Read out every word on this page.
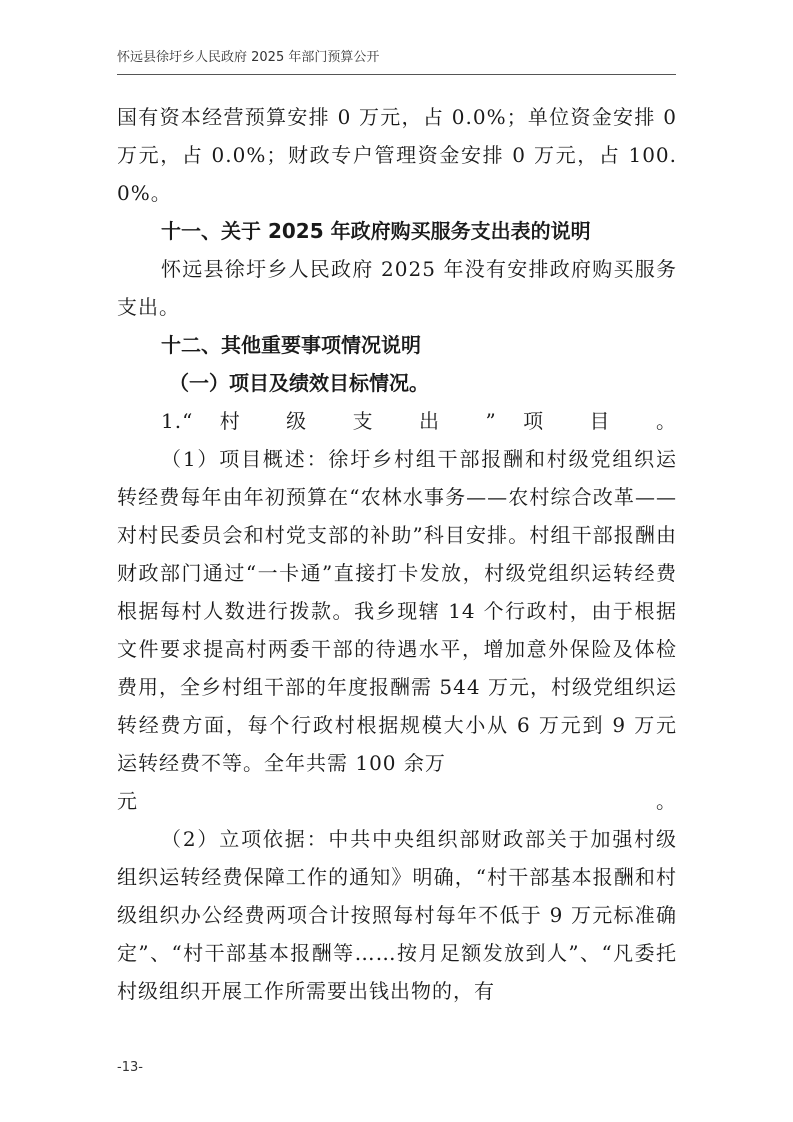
怀远县徐圩乡人民政府 2025 年部门预算公开

国有资本经营预算安排 0 万元，占 0.0%；单位资金安排 0 万元，占 0.0%；财政专户管理资金安排 0 万元，占 100.0%。

十一、关于 2025 年政府购买服务支出表的说明

怀远县徐圩乡人民政府 2025 年没有安排政府购买服务支出。

十二、其他重要事项情况说明

（一）项目及绩效目标情况。

1.“ 村 级 支 出 ” 项 目 。

（1）项目概述：徐圩乡村组干部报酬和村级党组织运转经费每年由年初预算在“农林水事务——农村综合改革——对村民委员会和村党支部的补助”科目安排。村组干部报酬由财政部门通过“一卡通”直接打卡发放，村级党组织运转经费根据每村人数进行拨款。我乡现辖 14 个行政村，由于根据文件要求提高村两委干部的待遇水平，增加意外保险及体检费用，全乡村组干部的年度报酬需 544 万元，村级党组织运转经费方面，每个行政村根据规模大小从 6 万元到 9 万元运转经费不等。全年共需 100 余万

元 。

（2）立项依据：中共中央组织部财政部关于加强村级组织运转经费保障工作的通知》明确，“村干部基本报酬和村级组织办公经费两项合计按照每村每年不低于 9 万元标准确定”、“村干部基本报酬等……按月足额发放到人”、“凡委托村级组织开展工作所需要出钱出物的，有

-13-
